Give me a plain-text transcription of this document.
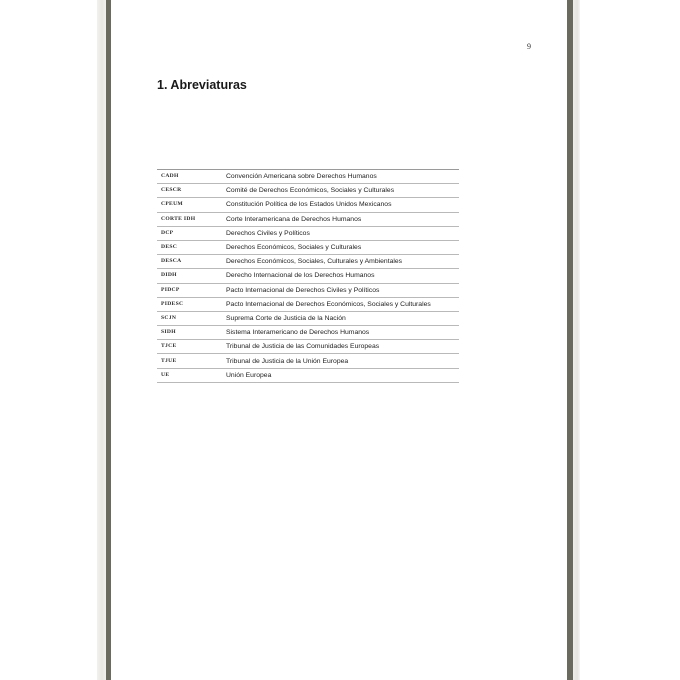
9
1. Abreviaturas
CADH	Convención Americana sobre Derechos Humanos
CESCR	Comité de Derechos Económicos, Sociales y Culturales
CPEUM	Constitución Política de los Estados Unidos Mexicanos
CORTE IDH	Corte Interamericana de Derechos Humanos
DCP	Derechos Civiles y Políticos
DESC	Derechos Económicos, Sociales y Culturales
DESCA	Derechos Económicos, Sociales, Culturales y Ambientales
DIDH	Derecho Internacional de los Derechos Humanos
PIDCP	Pacto Internacional de Derechos Civiles y Políticos
PIDESC	Pacto Internacional de Derechos Económicos, Sociales y Culturales
SCJN	Suprema Corte de Justicia de la Nación
SIDH	Sistema Interamericano de Derechos Humanos
TJCE	Tribunal de Justicia de las Comunidades Europeas
TJUE	Tribunal de Justicia de la Unión Europea
UE	Unión Europea
